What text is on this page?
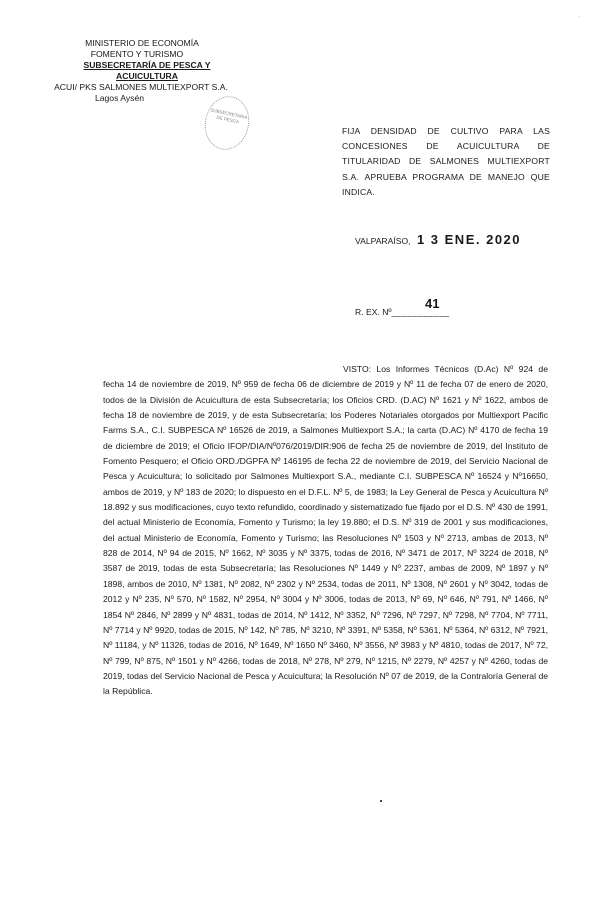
·
MINISTERIO DE ECONOMÍA
FOMENTO Y TURISMO
SUBSECRETARÍA DE PESCA Y ACUICULTURA
ACUI/ PKS SALMONES MULTIEXPORT S.A.
Lagos Aysén
SUBSECRETARIA DE PESCA
FIJA DENSIDAD DE CULTIVO PARA LAS CONCESIONES DE ACUICULTURA DE TITULARIDAD DE SALMONES MULTIEXPORT S.A. APRUEBA PROGRAMA DE MANEJO QUE INDICA.
VALPARAÍSO, 1 3 ENE. 2020
41
R. EX. Nº___________
VISTO: Los Informes Técnicos (D.Ac) Nº 924 de fecha 14 de noviembre de 2019, Nº 959 de fecha 06 de diciembre de 2019 y Nº 11 de fecha 07 de enero de 2020, todos de la División de Acuicultura de esta Subsecretaría; los Oficios CRD. (D.AC) Nº 1621 y Nº 1622, ambos de fecha 18 de noviembre de 2019, y de esta Subsecretaría; los Poderes Notariales otorgados por Multiexport Pacific Farms S.A., C.I. SUBPESCA Nº 16526 de 2019, a Salmones Multiexport S.A.; la carta (D.AC) Nº 4170 de fecha 19 de diciembre de 2019; el Oficio IFOP/DIA/Nº076/2019/DIR:906 de fecha 25 de noviembre de 2019, del Instituto de Fomento Pesquero; el Oficio ORD./DGPFA Nº 146195 de fecha 22 de noviembre de 2019, del Servicio Nacional de Pesca y Acuicultura; lo solicitado por Salmones Multiexport S.A., mediante C.I. SUBPESCA Nº 16524 y Nº16650, ambos de 2019, y Nº 183 de 2020; lo dispuesto en el D.F.L. Nº 5, de 1983; la Ley General de Pesca y Acuicultura Nº 18.892 y sus modificaciones, cuyo texto refundido, coordinado y sistematizado fue fijado por el D.S. Nº 430 de 1991, del actual Ministerio de Economía, Fomento y Turismo; la ley 19.880; el D.S. Nº 319 de 2001 y sus modificaciones, del actual Ministerio de Economía, Fomento y Turismo; las Resoluciones Nº 1503 y Nº 2713, ambas de 2013, Nº 828 de 2014, Nº 94 de 2015, Nº 1662, Nº 3035 y Nº 3375, todas de 2016, Nº 3471 de 2017, Nº 3224 de 2018, Nº 3587 de 2019, todas de esta Subsecretaría; las Resoluciones Nº 1449 y Nº 2237, ambas de 2009, Nº 1897 y Nº 1898, ambos de 2010, Nº 1381, Nº 2082, Nº 2302 y Nº 2534, todas de 2011, Nº 1308, Nº 2601 y Nº 3042, todas de 2012 y Nº 235, Nº 570, Nº 1582, Nº 2954, Nº 3004 y Nº 3006, todas de 2013, Nº 69, Nº 646, Nº 791, Nº 1466, Nº 1854 Nº 2846, Nº 2899 y Nº 4831, todas de 2014, Nº 1412, Nº 3352, Nº 7296, Nº 7297, Nº 7298, Nº 7704, Nº 7711, Nº 7714 y Nº 9920, todas de 2015, Nº 142, Nº 785, Nº 3210, Nº 3391, Nº 5358, Nº 5361, Nº 5364, Nº 6312, Nº 7921, Nº 11184, y Nº 11326, todas de 2016, Nº 1649, Nº 1650 Nº 3460, Nº 3556, Nº 3983 y Nº 4810, todas de 2017, Nº 72, Nº 799, Nº 875, Nº 1501 y Nº 4266, todas de 2018, Nº 278, Nº 279, Nº 1215, Nº 2279, Nº 4257 y Nº 4260, todas de 2019, todas del Servicio Nacional de Pesca y Acuicultura; la Resolución Nº 07 de 2019, de la Contraloría General de la República.
